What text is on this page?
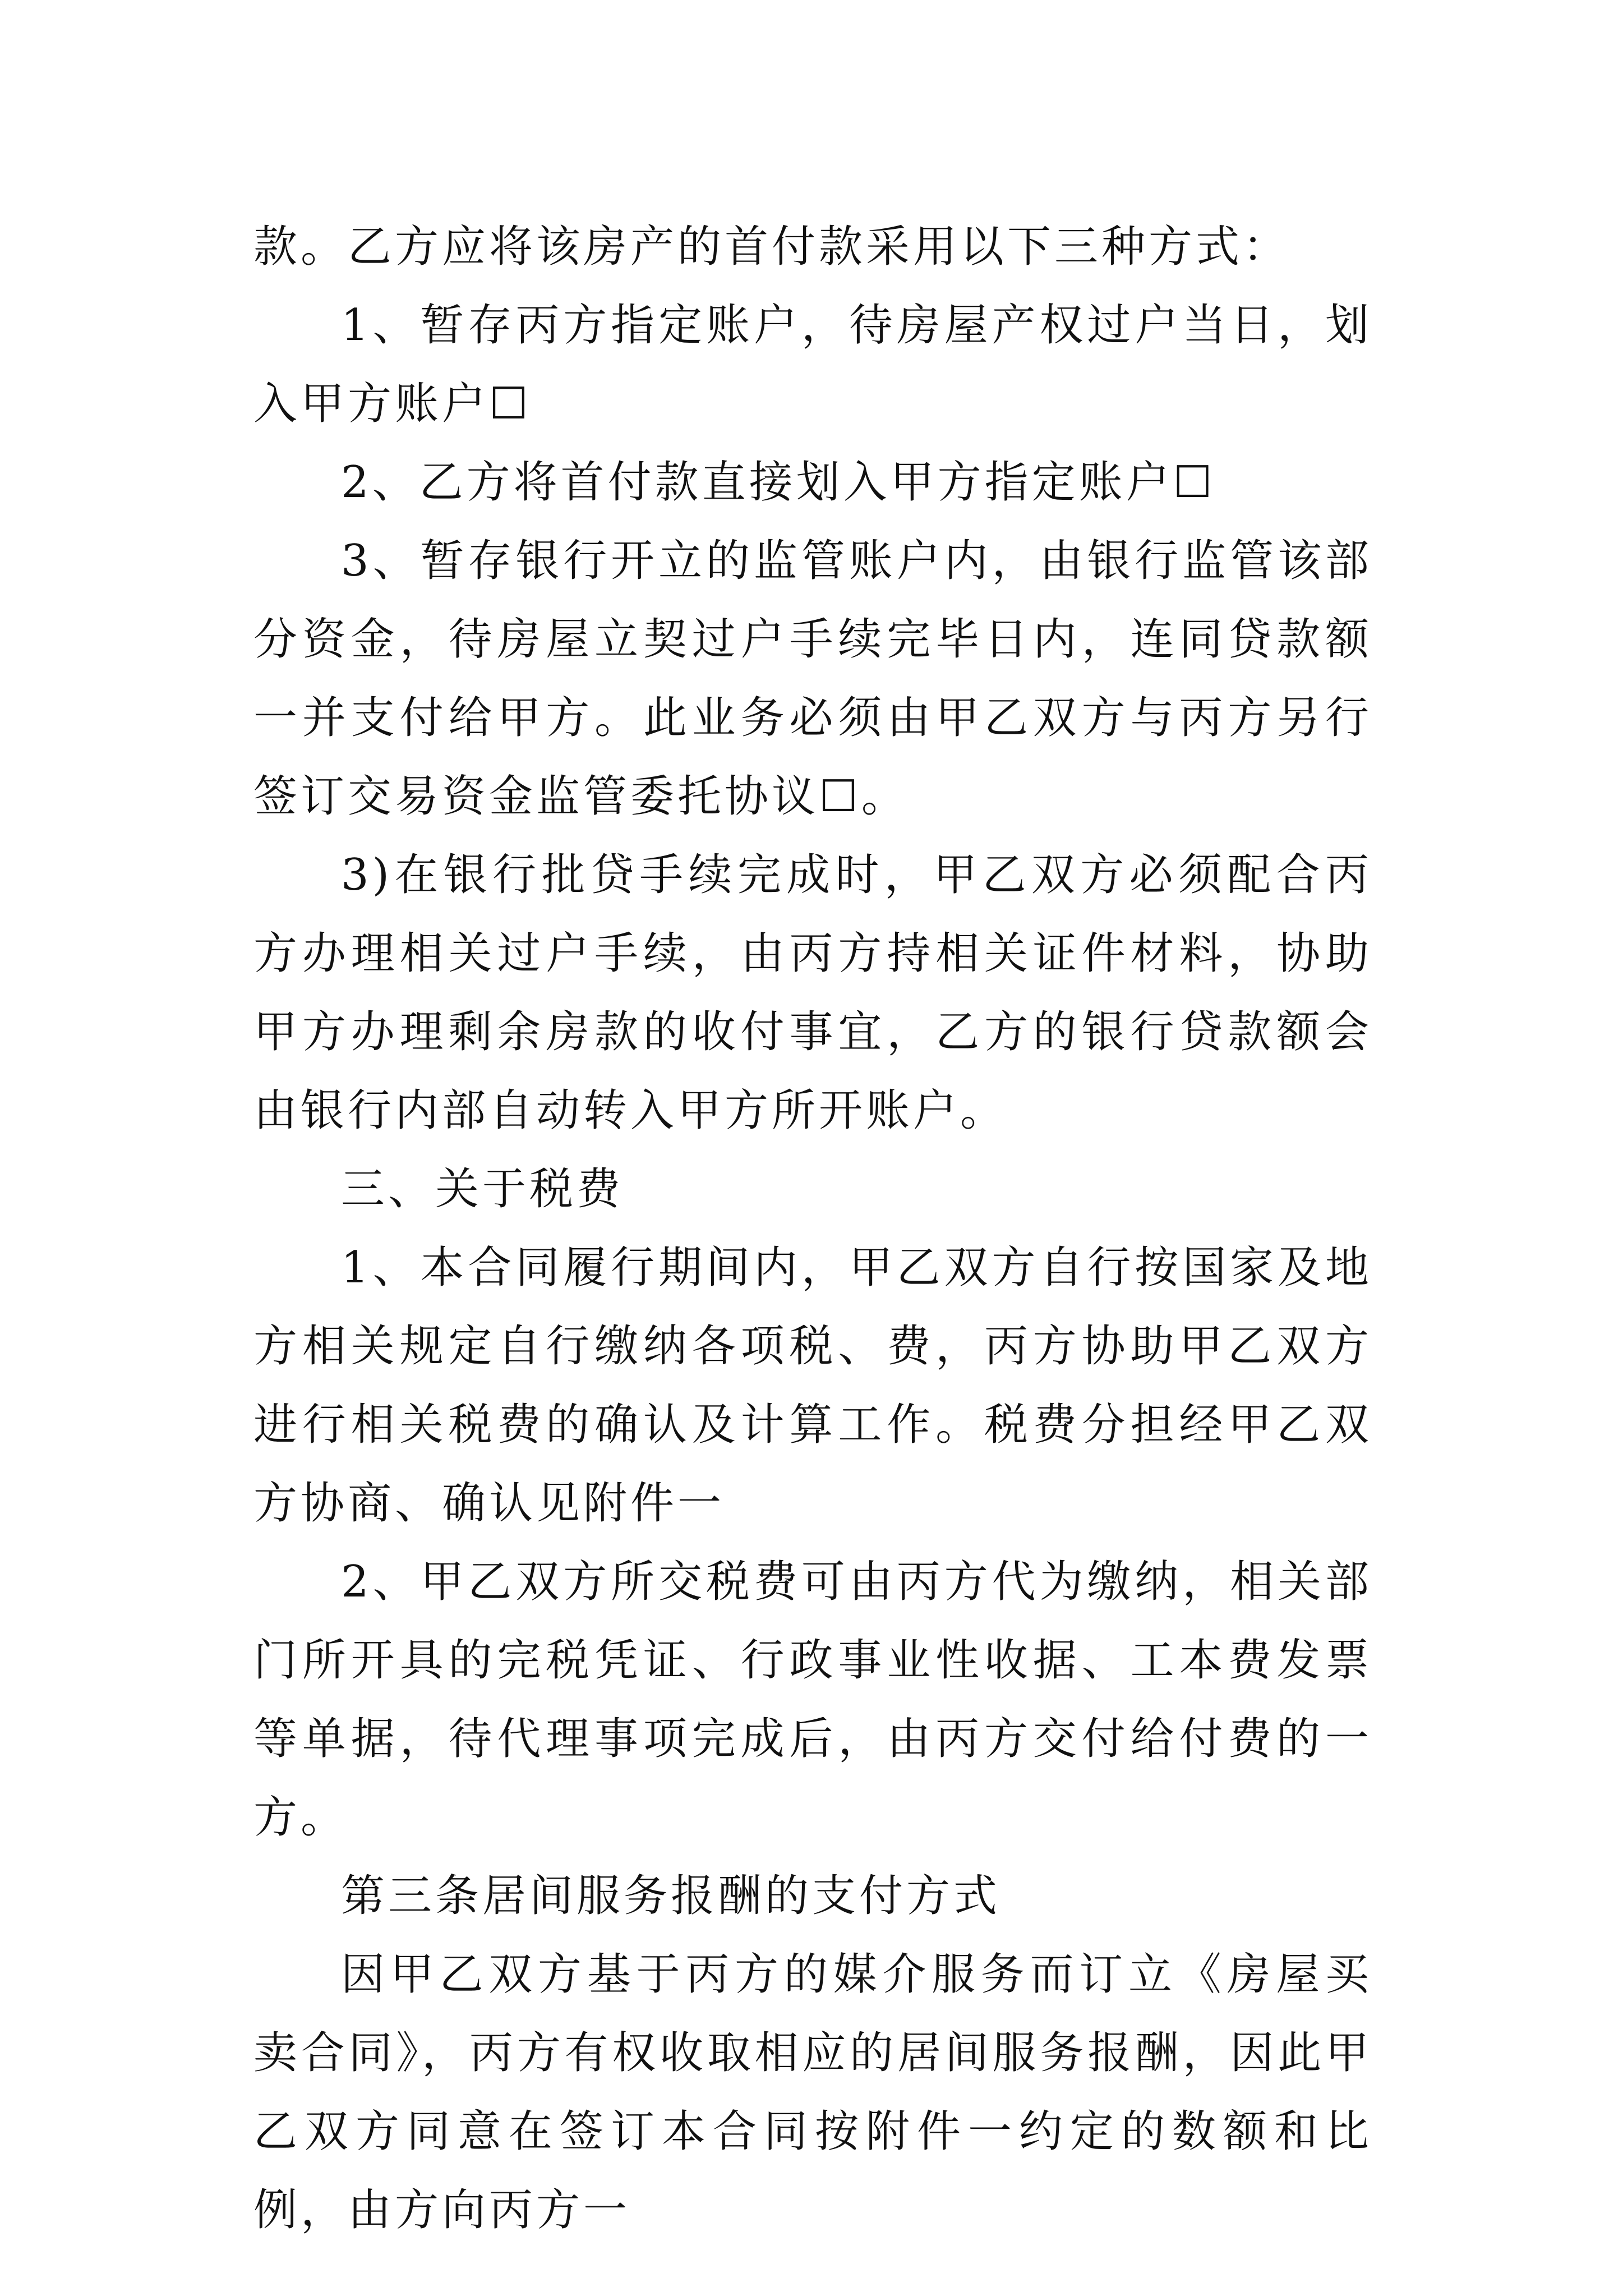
款。乙方应将该房产的首付款采用以下三种方式：

1、暂存丙方指定账户，待房屋产权过户当日，划入甲方账户☐

2、乙方将首付款直接划入甲方指定账户☐

3、暂存银行开立的监管账户内，由银行监管该部分资金，待房屋立契过户手续完毕日内，连同贷款额一并支付给甲方。此业务必须由甲乙双方与丙方另行签订交易资金监管委托协议☐。

3)在银行批贷手续完成时，甲乙双方必须配合丙方办理相关过户手续，由丙方持相关证件材料，协助甲方办理剩余房款的收付事宜，乙方的银行贷款额会由银行内部自动转入甲方所开账户。

三、关于税费

1、本合同履行期间内，甲乙双方自行按国家及地方相关规定自行缴纳各项税、费，丙方协助甲乙双方进行相关税费的确认及计算工作。税费分担经甲乙双方协商、确认见附件一

2、甲乙双方所交税费可由丙方代为缴纳，相关部门所开具的完税凭证、行政事业性收据、工本费发票等单据，待代理事项完成后，由丙方交付给付费的一方。

第三条居间服务报酬的支付方式

因甲乙双方基于丙方的媒介服务而订立《房屋买卖合同》，丙方有权收取相应的居间服务报酬，因此甲乙双方同意在签订本合同按附件一约定的数额和比例，由方向丙方一
